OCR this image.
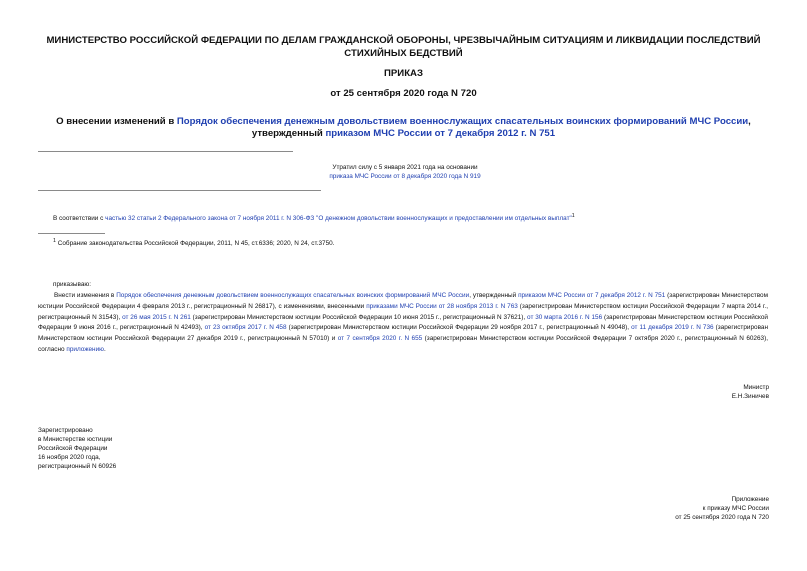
МИНИСТЕРСТВО РОССИЙСКОЙ ФЕДЕРАЦИИ ПО ДЕЛАМ ГРАЖДАНСКОЙ ОБОРОНЫ, ЧРЕЗВЫЧАЙНЫМ СИТУАЦИЯМ И ЛИКВИДАЦИИ ПОСЛЕДСТВИЙ СТИХИЙНЫХ БЕДСТВИЙ
ПРИКАЗ
от 25 сентября 2020 года N 720
О внесении изменений в Порядок обеспечения денежным довольствием военнослужащих спасательных воинских формирований МЧС России, утвержденный приказом МЧС России от 7 декабря 2012 г. N 751
Утратил силу с 5 января 2021 года на основании
приказа МЧС России от 8 декабря 2020 года N 919
В соответствии с частью 32 статьи 2 Федерального закона от 7 ноября 2011 г. N 306-ФЗ "О денежном довольствии военнослужащих и предоставлении им отдельных выплат"$^1$
$^1$ Собрание законодательства Российской Федерации, 2011, N 45, ст.6336; 2020, N 24, ст.3750.
приказываю:
Внести изменения в Порядок обеспечения денежным довольствием военнослужащих спасательных воинских формирований МЧС России, утвержденный приказом МЧС России от 7 декабря 2012 г. N 751 (зарегистрирован Министерством юстиции Российской Федерации 4 февраля 2013 г., регистрационный N 26817), с изменениями, внесенными приказами МЧС России от 28 ноября 2013 г. N 763 (зарегистрирован Министерством юстиции Российской Федерации 7 марта 2014 г., регистрационный N 31543), от 26 мая 2015 г. N 261 (зарегистрирован Министерством юстиции Российской Федерации 10 июня 2015 г., регистрационный N 37621), от 30 марта 2016 г. N 156 (зарегистрирован Министерством юстиции Российской Федерации 9 июня 2016 г., регистрационный N 42493), от 23 октября 2017 г. N 458 (зарегистрирован Министерством юстиции Российской Федерации 29 ноября 2017 г., регистрационный N 49048), от 11 декабря 2019 г. N 736 (зарегистрирован Министерством юстиции Российской Федерации 27 декабря 2019 г., регистрационный N 57010) и от 7 сентября 2020 г. N 655 (зарегистрирован Министерством юстиции Российской Федерации 7 октября 2020 г., регистрационный N 60263), согласно приложению.
Министр
Е.Н.Зиничев
Зарегистрировано
в Министерстве юстиции
Российской Федерации
16 ноября 2020 года,
регистрационный N 60926
Приложение
к приказу МЧС России
от 25 сентября 2020 года N 720
